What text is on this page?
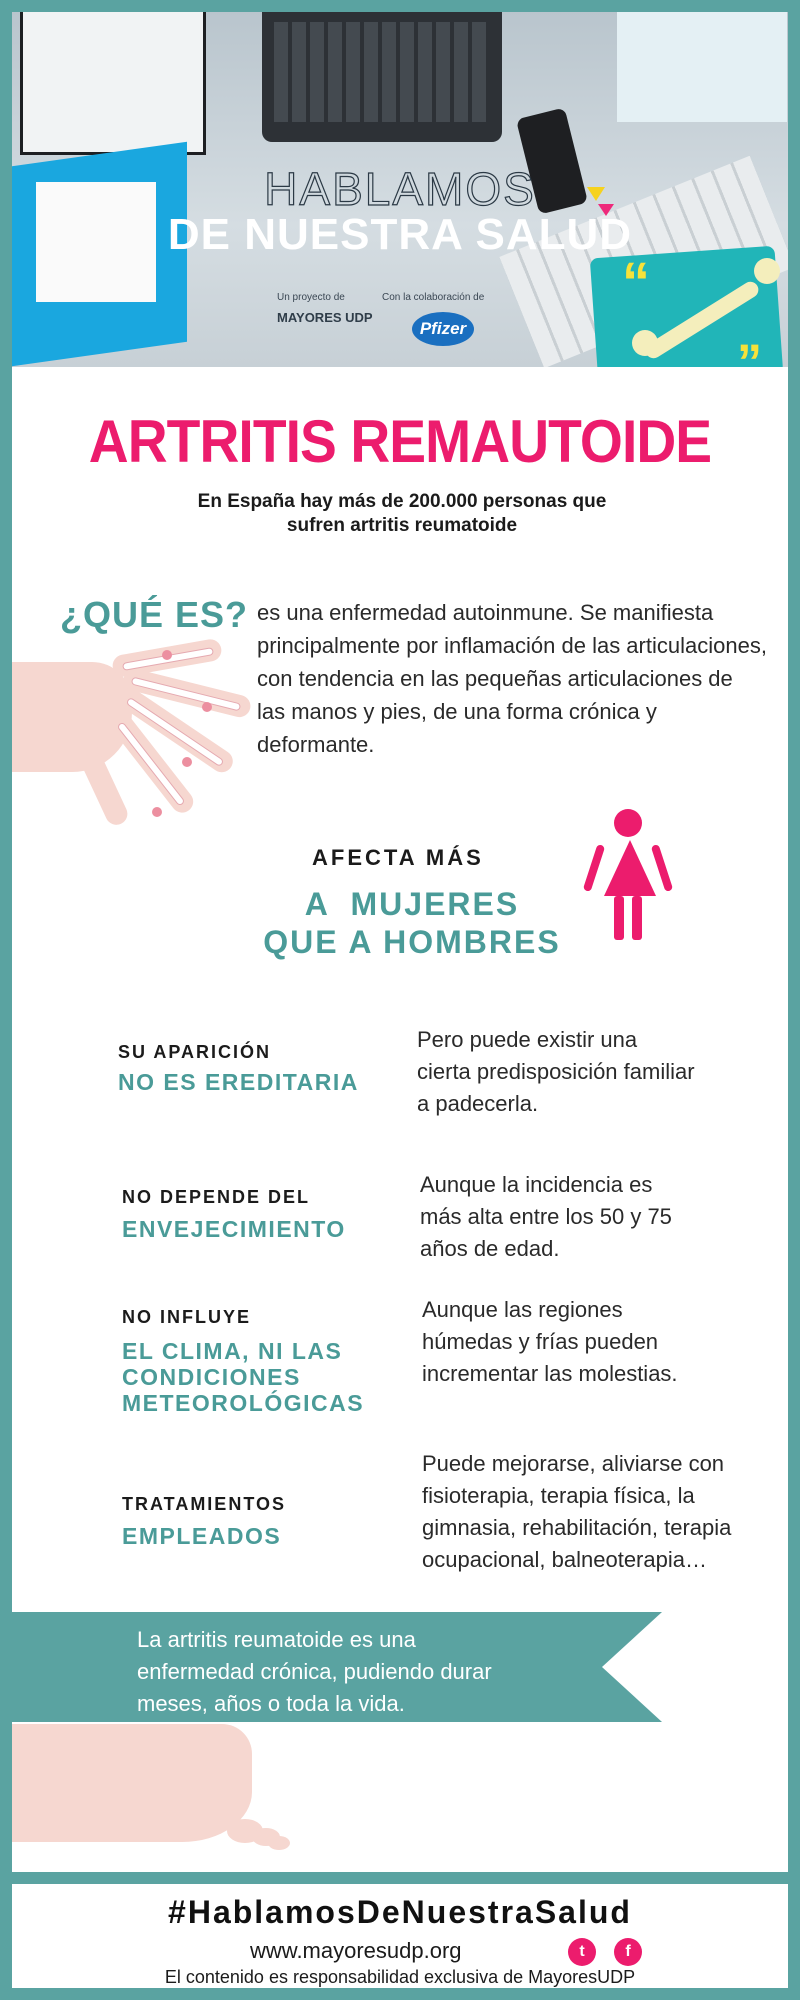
HABLAMOS
DE NUESTRA SALUD
Un proyecto de	Con la colaboración de
MAYORES UDP
Pfizer
“
”
ARTRITIS REMAUTOIDE
En España hay más de 200.000 personas que sufren artritis reumatoide
¿QUÉ ES? es una enfermedad autoinmune. Se manifiesta principalmente por inflamación de las articulaciones, con tendencia en las pequeñas articulaciones de las manos y pies, de una forma crónica y deformante.
AFECTA MÁS
A  MUJERES
QUE A HOMBRES
SU APARICIÓN
NO ES EREDITARIA
Pero puede existir una cierta predisposición familiar a padecerla.
NO DEPENDE DEL
ENVEJECIMIENTO
Aunque la incidencia es más alta entre los 50 y 75 años de edad.
NO INFLUYE
EL CLIMA, NI LAS CONDICIONES METEOROLÓGICAS
Aunque las regiones húmedas y frías pueden incrementar las molestias.
TRATAMIENTOS
EMPLEADOS
Puede mejorarse, aliviarse con fisioterapia, terapia física, la gimnasia, rehabilitación, terapia ocupacional, balneoterapia…
La artritis reumatoide es una enfermedad crónica, pudiendo durar meses, años o toda la vida.
#HablamosDeNuestraSalud
www.mayoresudp.org	t	f
El contenido es responsabilidad exclusiva de MayoresUDP
